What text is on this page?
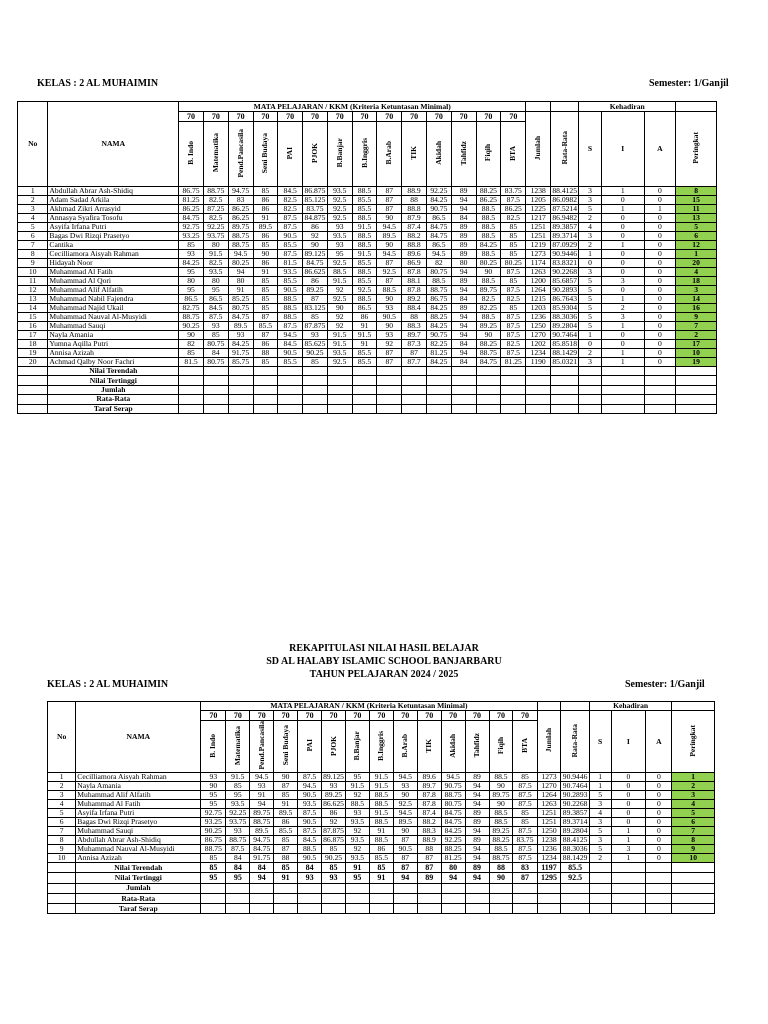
KELAS : 2 AL MUHAIMIN	Semester: 1/Ganjil
No	NAMA	MATA PELAJARAN / KKM (Kriteria Ketuntasan Minimal)																Kehadiran			
		70	70	70	70	70	70	70	70	70	70	70	70	70	70	Jumlah	Rata-Rata	S	I	A	Peringkat
		B. Indo	Matematika	Pend.Pancasila	Seni Budaya	PAI	PJOK	B.Banjar	B.Inggris	B.Arab	TIK	Akidah	Tahfidz	Fiqih	BTA						
1	Abdullah Abrar Ash-Shidiq	86.75	88.75	94.75	85	84.5	86.875	93.5	88.5	87	88.9	92.25	89	88.25	83.75	1238	88.4125	3	1	0	8
2	Adam Sadad Arkila	81.25	82.5	83	86	82.5	85.125	92.5	85.5	87	88	84.25	94	86.25	87.5	1205	86.0982	3	0	0	15
3	Akhmad Zikri Arrasyid	86.25	87.25	86.25	86	82.5	83.75	92.5	85.5	87	88.8	90.75	94	88.5	86.25	1225	87.5214	5	1	1	11
4	Annasya Syafira Tosofu	84.75	82.5	86.25	91	87.5	84.875	92.5	88.5	90	87.9	86.5	84	88.5	82.5	1217	86.9482	2	0	0	13
5	Asyifa Irfana Putri	92.75	92.25	89.75	89.5	87.5	86	93	91.5	94.5	87.4	84.75	89	88.5	85	1251	89.3857	4	0	0	5
6	Bagas Dwi Rizqi Prasetyo	93.25	93.75	88.75	86	90.5	92	93.5	88.5	89.5	88.2	84.75	89	88.5	85	1251	89.3714	3	0	0	6
7	Cantika	85	80	88.75	85	85.5	90	93	88.5	90	88.8	86.5	89	84.25	85	1219	87.0929	2	1	0	12
8	Cecilliamora Aisyah Rahman	93	91.5	94.5	90	87.5	89.125	95	91.5	94.5	89.6	94.5	89	88.5	85	1273	90.9446	1	0	0	1
9	Hidayah Noor	84.25	82.5	80.25	86	81.5	84.75	92.5	85.5	87	86.9	82	80	80.25	80.25	1174	83.8321	0	0	0	20
10	Muhammad Al Fatih	95	93.5	94	91	93.5	86.625	88.5	88.5	92.5	87.8	80.75	94	90	87.5	1263	90.2268	3	0	0	4
11	Muhammad Al Qori	80	80	80	85	85.5	86	91.5	85.5	87	88.1	88.5	89	88.5	85	1200	85.6857	5	3	0	18
12	Muhammad Alif Alfatih	95	95	91	85	90.5	89.25	92	92.5	88.5	87.8	88.75	94	89.75	87.5	1264	90.2893	5	0	0	3
13	Muhammad Nabil Fajendra	86.5	86.5	85.25	85	88.5	87	92.5	88.5	90	89.2	86.75	84	82.5	82.5	1215	86.7643	5	1	0	14
14	Muhammad Najid Ukail	82.75	84.5	80.75	85	88.5	83.125	90	86.5	93	88.4	84.25	89	82.25	85	1203	85.9304	5	2	0	16
15	Muhammad Nauval Al-Musyidi	88.75	87.5	84.75	87	88.5	85	92	86	90.5	88	88.25	94	88.5	87.5	1236	88.3036	5	3	0	9
16	Muhammad Sauqi	90.25	93	89.5	85.5	87.5	87.875	92	91	90	88.3	84.25	94	89.25	87.5	1250	89.2804	5	1	0	7
17	Nayla Amania	90	85	93	87	94.5	93	91.5	91.5	93	89.7	90.75	94	90	87.5	1270	90.7464	1	0	0	2
18	Yumna Aqilla Putri	82	80.75	84.25	86	84.5	85.625	91.5	91	92	87.3	82.25	84	88.25	82.5	1202	85.8518	0	0	0	17
19	Annisa Azizah	85	84	91.75	88	90.5	90.25	93.5	85.5	87	87	81.25	94	88.75	87.5	1234	88.1429	2	1	0	10
20	Achmad Qalby Noor Fachri	81.5	80.75	85.75	85	85.5	85	92.5	85.5	87	87.7	84.25	84	84.75	81.25	1190	85.0321	3	1	0	19
	Nilai Terendah																				
	Nilai Tertinggi																				
	Jumlah																				
	Rata-Rata																				
	Taraf Serap																				
REKAPITULASI NILAI HASIL BELAJAR
SD AL HALABY ISLAMIC SCHOOL BANJARBARU
TAHUN PELAJARAN 2024 / 2025
KELAS : 2 AL MUHAIMIN	Semester: 1/Ganjil
No	NAMA	MATA PELAJARAN / KKM (Kriteria Ketuntasan Minimal)																Kehadiran			
		70	70	70	70	70	70	70	70	70	70	70	70	70	70	Jumlah	Rata-Rata	S	I	A	Peringkat
		B. Indo	Matematika	Pend.Pancasila	Seni Budaya	PAI	PJOK	B.Banjar	B.Inggris	B.Arab	TIK	Akidah	Tahfidz	Fiqih	BTA						
1	Cecilliamora Aisyah Rahman	93	91.5	94.5	90	87.5	89.125	95	91.5	94.5	89.6	94.5	89	88.5	85	1273	90.9446	1	0	0	1
2	Nayla Amania	90	85	93	87	94.5	93	91.5	91.5	93	89.7	90.75	94	90	87.5	1270	90.7464	1	0	0	2
3	Muhammad Alif Alfatih	95	95	91	85	90.5	89.25	92	88.5	90	87.8	88.75	94	89.75	87.5	1264	90.2893	5	0	0	3
4	Muhammad Al Fatih	95	93.5	94	91	93.5	86.625	88.5	88.5	92.5	87.8	80.75	94	90	87.5	1263	90.2268	3	0	0	4
5	Asyifa Irfana Putri	92.75	92.25	89.75	89.5	87.5	86	93	91.5	94.5	87.4	84.75	89	88.5	85	1251	89.3857	4	0	0	5
6	Bagas Dwi Rizqi Prasetyo	93.25	93.75	88.75	86	90.5	92	93.5	88.5	89.5	88.2	84.75	89	88.5	85	1251	89.3714	3	0	0	6
7	Muhammad Sauqi	90.25	93	89.5	85.5	87.5	87.875	92	91	90	88.3	84.25	94	89.25	87.5	1250	89.2804	5	1	0	7
8	Abdullah Abrar Ash-Shidiq	86.75	88.75	94.75	85	84.5	86.875	93.5	88.5	87	88.9	92.25	89	88.25	83.75	1238	88.4125	3	1	0	8
9	Muhammad Nauval Al-Musyidi	88.75	87.5	84.75	87	88.5	85	92	86	90.5	88	88.25	94	88.5	87.5	1236	88.3036	5	3	0	9
10	Annisa Azizah	85	84	91.75	88	90.5	90.25	93.5	85.5	87	87	81.25	94	88.75	87.5	1234	88.1429	2	1	0	10
	Nilai Terendah	85	84	84	85	84	85	91	85	87	87	80	89	88	83	1197	85.5				
	Nilai Tertinggi	95	95	94	91	93	93	95	91	94	89	94	94	90	87	1295	92.5				
	Jumlah																				
	Rata-Rata																				
	Taraf Serap																				
